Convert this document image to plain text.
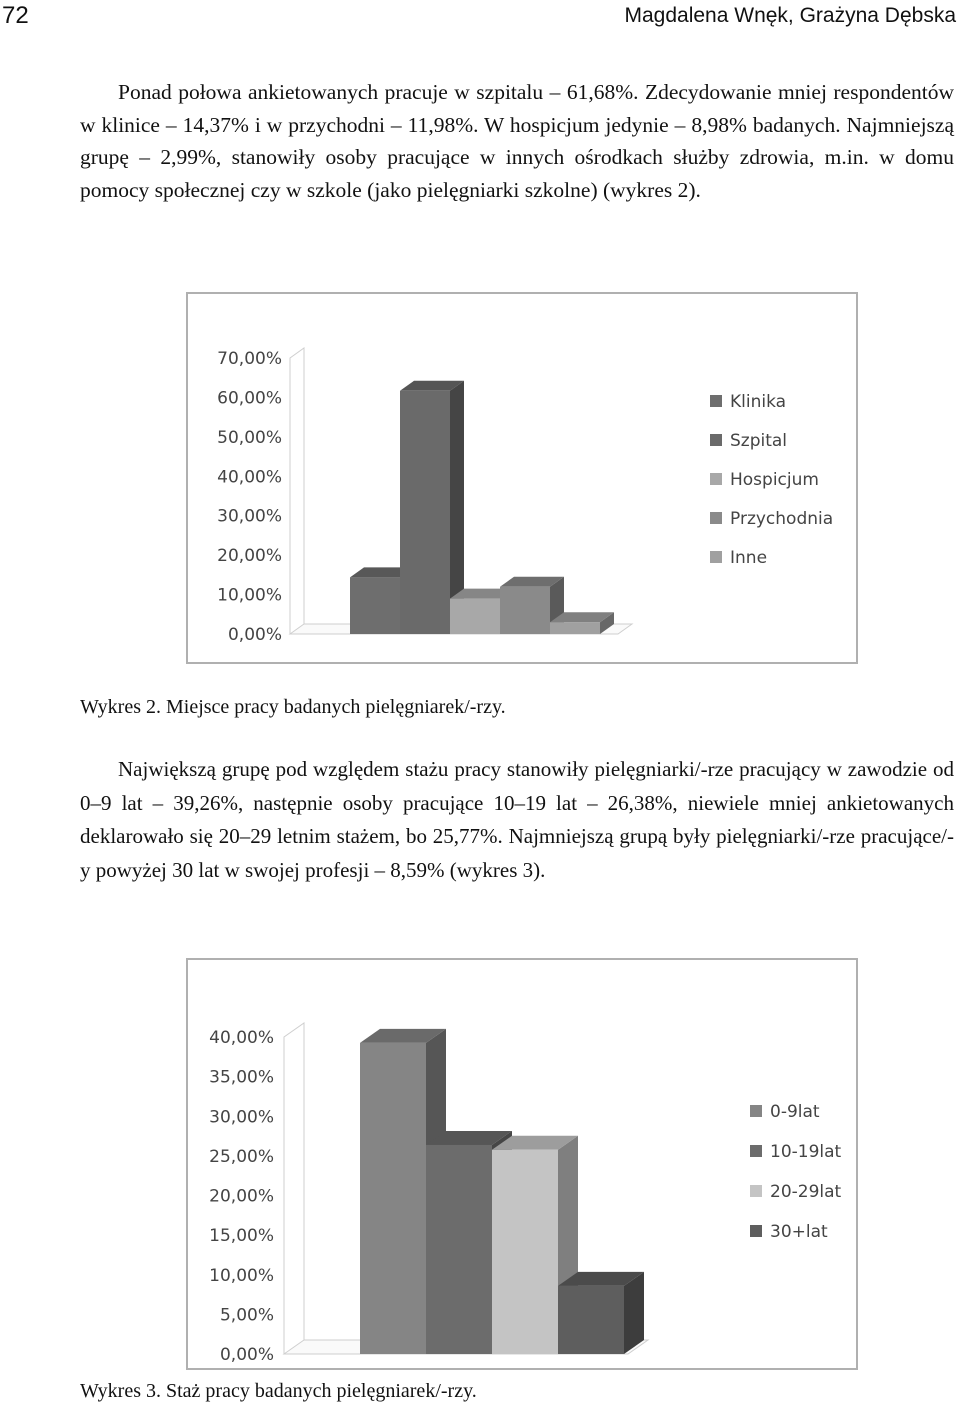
72	Magdalena Wnęk, Grażyna Dębska

Ponad połowa ankietowanych pracuje w szpitalu – 61,68%. Zdecydowanie mniej respondentów w klinice – 14,37% i w przychodni – 11,98%. W hospicjum jedynie – 8,98% badanych. Najmniejszą grupę – 2,99%, stanowiły osoby pracujące w innych ośrodkach służby zdrowia, m.in. w domu pomocy społecznej czy w szkole (jako pielęgniarki szkolne) (wykres 2).

0,00%
10,00%
20,00%
30,00%
40,00%
50,00%
60,00%
70,00%
Klinika
Szpital
Hospicjum
Przychodnia
Inne

Wykres 2. Miejsce pracy badanych pielęgniarek/-rzy.

Największą grupę pod względem stażu pracy stanowiły pielęgniarki/-rze pracujący w zawodzie od 0–9 lat – 39,26%, następnie osoby pracujące 10–19 lat – 26,38%, niewiele mniej ankietowanych deklarowało się 20–29 letnim stażem, bo 25,77%. Najmniejszą grupą były pielęgniarki/-rze pracujące/-y powyżej 30 lat w swojej profesji – 8,59% (wykres 3).

0,00%
5,00%
10,00%
15,00%
20,00%
25,00%
30,00%
35,00%
40,00%
0-9lat
10-19lat
20-29lat
30+lat

Wykres 3. Staż pracy badanych pielęgniarek/-rzy.
